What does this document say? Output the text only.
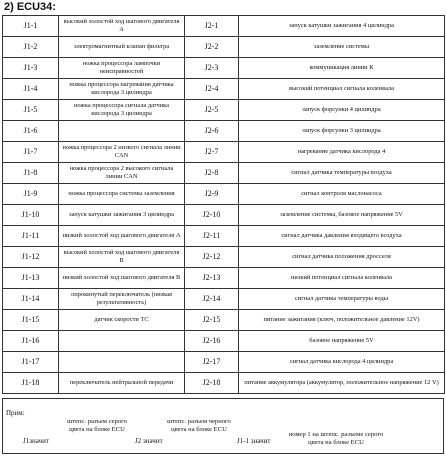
2) ECU34:
J1-1	высокий холостой ход шагового двигателя А	J2-1	запуск катушки зажигания 4 цилиндра
J1-2	электромагнитный клапан фильтра	J2-2	заземление системы
J1-3	ножка процессора лампочки неисправностей	J2-3	коммуникация линии К
J1-4	ножка процессора нагревания датчика кислорода 3 цилиндра	J2-4	высокий потенциал сигнала коленвала
J1-5	ножка процессора сигнала датчика кислорода 3 цилиндра	J2-5	запуск форсунки 4 цилиндра
J1-6		J2-6	запуск форсунки 3 цилиндра
J1-7	ножка процессора 2 низкого сигнала линии CAN	J2-7	нагревание датчика кислорода 4
J1-8	ножка процессора 2 высокого сигнала линии CAN	J2-8	сигнал датчика температуры воздуха
J1-9	ножка процессора системы заземления	J2-9	сигнал контроля маслонасоса
J1-10	запуск катушки зажигания 3 цилиндра	J2-10	заземление системы, базовое напряжение 5V
J1-11	низкий холостой ход шагового двигателя А	J2-11	сигнал датчика давления входящего воздуха
J1-12	высокий холостой ход шагового двигателя В	J2-12	сигнал датчика положения дросселя
J1-13	низкий холостой ход шагового двигателя В	J2-13	низкий потенциал сигнала коленвала
J1-14	опрокинутый переключатель (низкая результативность)	J2-14	сигнал датчика температуры воды
J1-15	датчик скорости ТС	J2-15	питание зажигания (ключ, положительное давление 12V)
J1-16		J2-16	базовое напряжение 5V
J1-17		J2-17	сигнал датчика кислорода 4 цилиндра
J1-18	переключатель нейтральной передачи	J2-18	питание аккумулятора (аккумулятор, положительное напряжение 12 V)
Прим:
J1значит
штепс. разъем серого цвета на блоке ECU
J2 значит
штепс. разъем черного цвета на блоке ECU
J1-1 значит
номер 1 на штепс. разъеме серого цвета на блоке ECU
